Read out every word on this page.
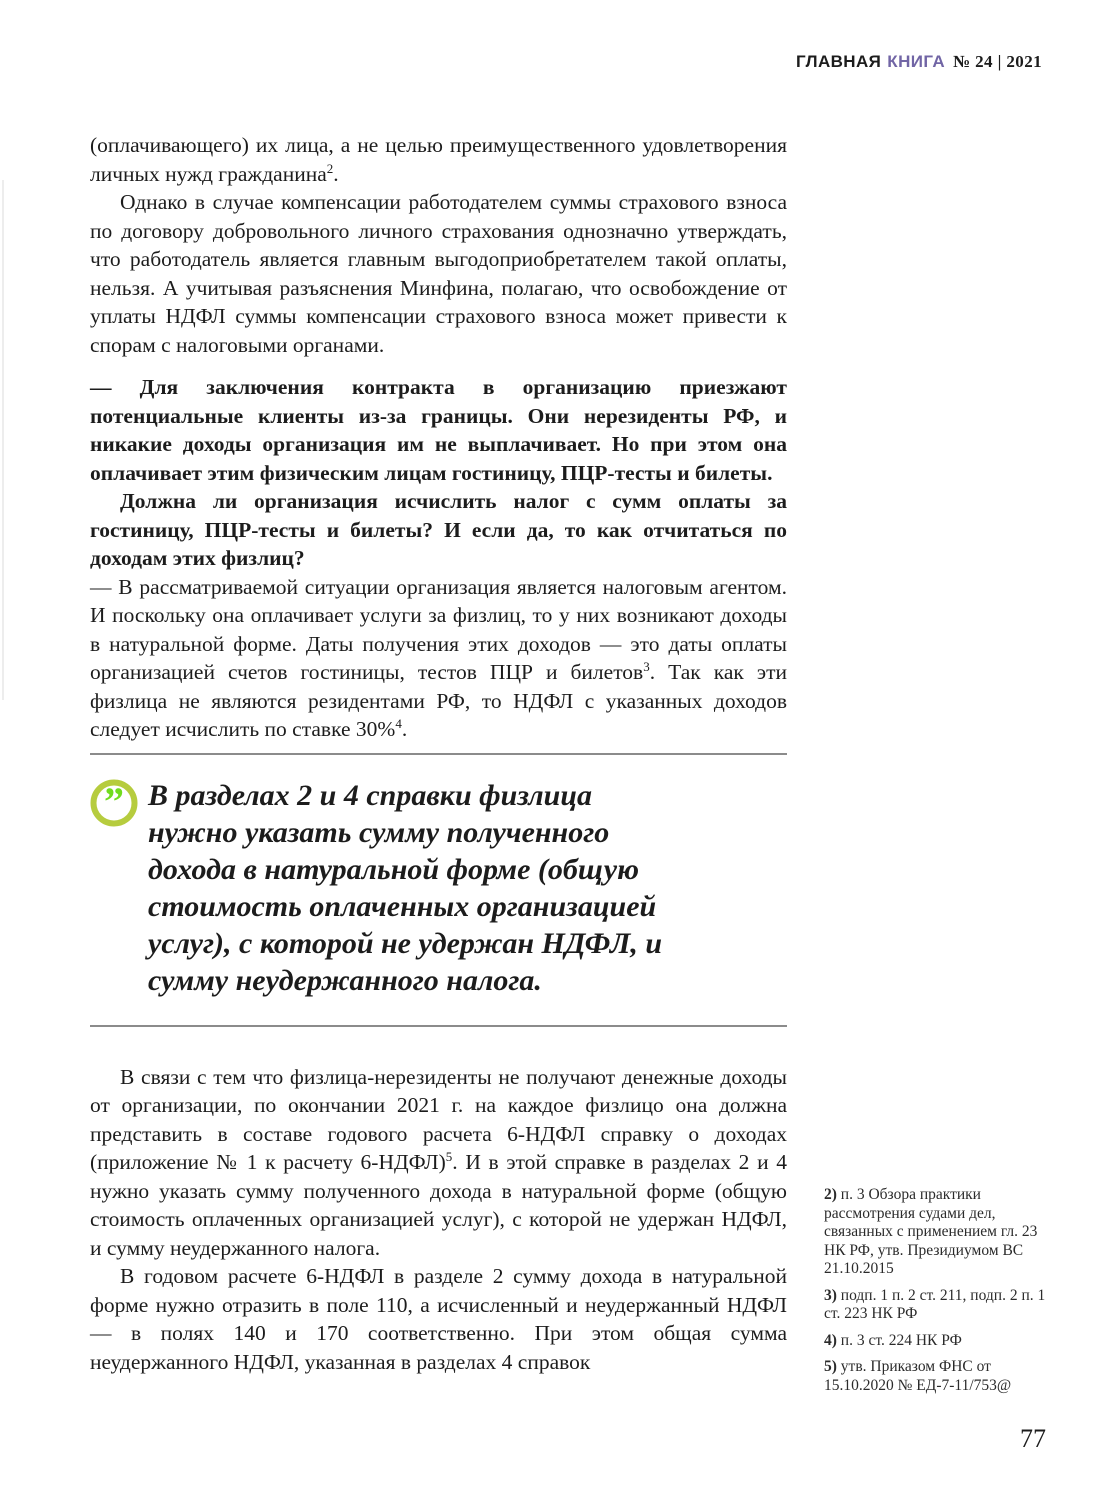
ГЛАВНАЯ КНИГА № 24 | 2021

(оплачивающего) их лица, а не целью преимущественного удовлетворения личных нужд гражданина$^2$.

Однако в случае компенсации работодателем суммы страхового взноса по договору добровольного личного страхования однозначно утверждать, что работодатель является главным выгодоприобретателем такой оплаты, нельзя. А учитывая разъяснения Минфина, полагаю, что освобождение от уплаты НДФЛ суммы компенсации страхового взноса может привести к спорам с налоговыми органами.

— Для заключения контракта в организацию приезжают потенциальные клиенты из-за границы. Они нерезиденты РФ, и никакие доходы организация им не выплачивает. Но при этом она оплачивает этим физическим лицам гостиницу, ПЦР-тесты и билеты.

Должна ли организация исчислить налог с сумм оплаты за гостиницу, ПЦР-тесты и билеты? И если да, то как отчитаться по доходам этих физлиц?

— В рассматриваемой ситуации организация является налоговым агентом. И поскольку она оплачивает услуги за физлиц, то у них возникают доходы в натуральной форме. Даты получения этих доходов — это даты оплаты организацией счетов гостиницы, тестов ПЦР и билетов$^3$. Так как эти физлица не являются резидентами РФ, то НДФЛ с указанных доходов следует исчислить по ставке 30%$^4$.

” В разделах 2 и 4 справки физлица нужно указать сумму полученного дохода в натуральной форме (общую стоимость оплаченных организацией услуг), с которой не удержан НДФЛ, и сумму неудержанного налога.

В связи с тем что физлица-нерезиденты не получают денежные доходы от организации, по окончании 2021 г. на каждое физлицо она должна представить в составе годового расчета 6-НДФЛ справку о доходах (приложение № 1 к расчету 6-НДФЛ)$^5$. И в этой справке в разделах 2 и 4 нужно указать сумму полученного дохода в натуральной форме (общую стоимость оплаченных организацией услуг), с которой не удержан НДФЛ, и сумму неудержанного налога.

В годовом расчете 6-НДФЛ в разделе 2 сумму дохода в натуральной форме нужно отразить в поле 110, а исчисленный и неудержанный НДФЛ — в полях 140 и 170 соответственно. При этом общая сумма неудержанного НДФЛ, указанная в разделах 4 справок

2) п. 3 Обзора практики рассмотрения судами дел, связанных с применением гл. 23 НК РФ, утв. Президиумом ВС 21.10.2015
3) подп. 1 п. 2 ст. 211, подп. 2 п. 1 ст. 223 НК РФ
4) п. 3 ст. 224 НК РФ
5) утв. Приказом ФНС от 15.10.2020 № ЕД-7-11/753@
77
